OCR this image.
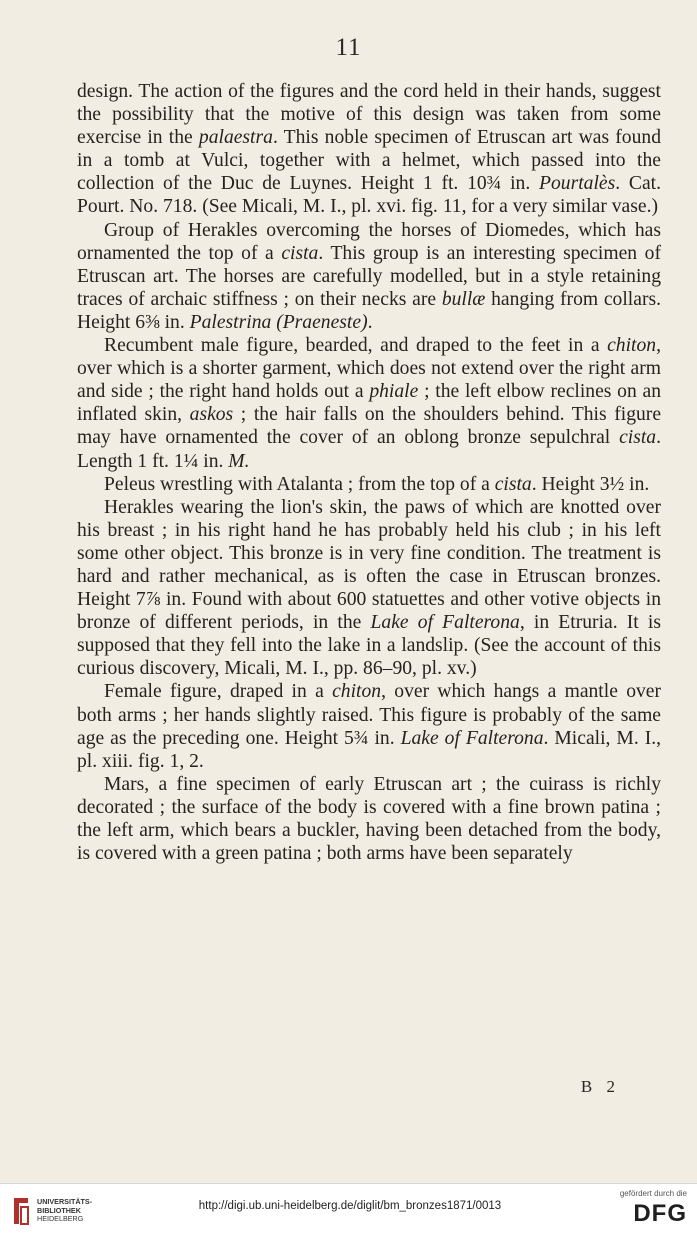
11

design. The action of the figures and the cord held in their hands, suggest the possibility that the motive of this design was taken from some exercise in the palaestra. This noble specimen of Etruscan art was found in a tomb at Vulci, together with a helmet, which passed into the collection of the Duc de Luynes. Height 1 ft. 10¾ in. Pourtalès. Cat. Pourt. No. 718. (See Micali, M. I., pl. xvi. fig. 11, for a very similar vase.)

Group of Herakles overcoming the horses of Diomedes, which has ornamented the top of a cista. This group is an interesting specimen of Etruscan art. The horses are carefully modelled, but in a style retaining traces of archaic stiffness ; on their necks are bullæ hanging from collars. Height 6⅜ in. Palestrina (Praeneste).

Recumbent male figure, bearded, and draped to the feet in a chiton, over which is a shorter garment, which does not extend over the right arm and side ; the right hand holds out a phiale ; the left elbow reclines on an inflated skin, askos ; the hair falls on the shoulders behind. This figure may have ornamented the cover of an oblong bronze sepulchral cista. Length 1 ft. 1¼ in. M.

Peleus wrestling with Atalanta ; from the top of a cista. Height 3½ in.

Herakles wearing the lion's skin, the paws of which are knotted over his breast ; in his right hand he has probably held his club ; in his left some other object. This bronze is in very fine condition. The treatment is hard and rather mechanical, as is often the case in Etruscan bronzes. Height 7⅞ in. Found with about 600 statuettes and other votive objects in bronze of different periods, in the Lake of Falterona, in Etruria. It is supposed that they fell into the lake in a landslip. (See the account of this curious discovery, Micali, M. I., pp. 86–90, pl. xv.)

Female figure, draped in a chiton, over which hangs a mantle over both arms ; her hands slightly raised. This figure is probably of the same age as the preceding one. Height 5¾ in. Lake of Falterona. Micali, M. I., pl. xiii. fig. 1, 2.

Mars, a fine specimen of early Etruscan art ; the cuirass is richly decorated ; the surface of the body is covered with a fine brown patina ; the left arm, which bears a buckler, having been detached from the body, is covered with a green patina ; both arms have been separately

B 2
UNIVERSITÄTS-
BIBLIOTHEK
HEIDELBERG
http://digi.ub.uni-heidelberg.de/diglit/bm_bronzes1871/0013
gefördert durch die
DFG
